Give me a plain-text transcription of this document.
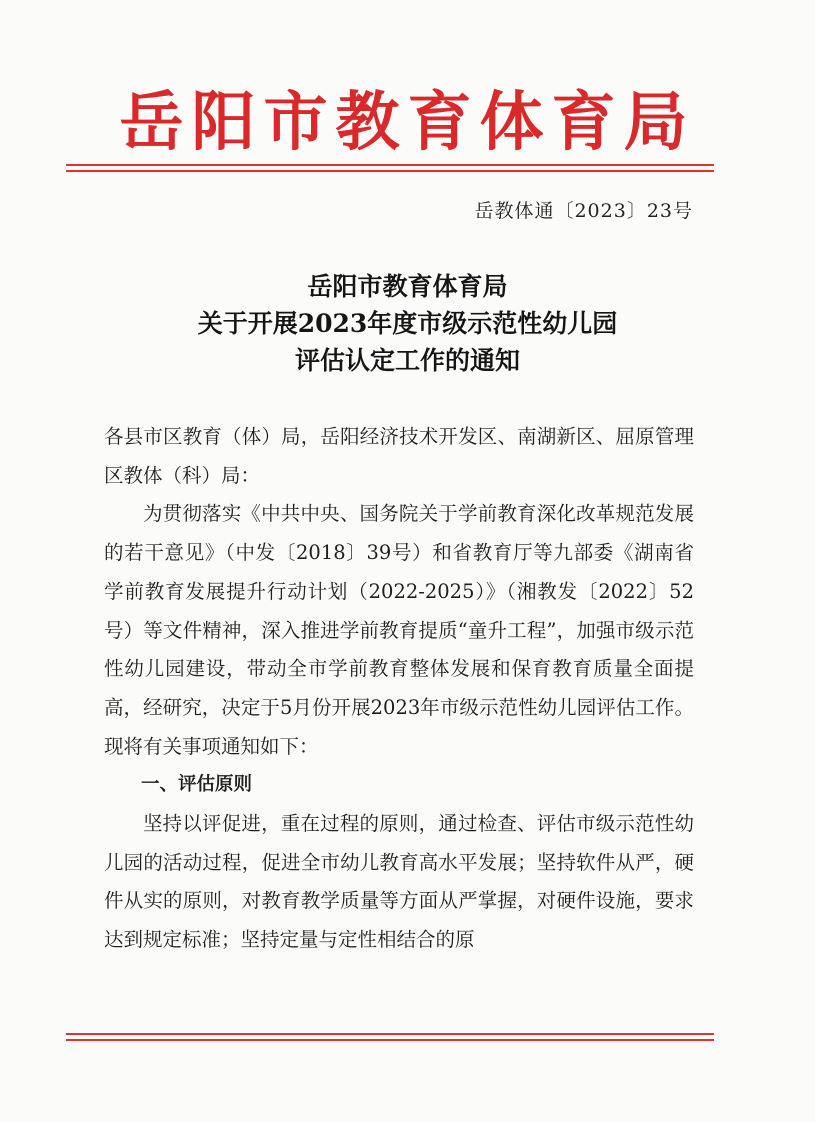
岳阳市教育体育局
岳教体通〔2023〕23号
岳阳市教育体育局
关于开展2023年度市级示范性幼儿园
评估认定工作的通知

各县市区教育（体）局，岳阳经济技术开发区、南湖新区、屈原管理区教体（科）局：

为贯彻落实《中共中央、国务院关于学前教育深化改革规范发展的若干意见》（中发〔2018〕39号）和省教育厅等九部委《湖南省学前教育发展提升行动计划（2022-2025）》（湘教发〔2022〕52号）等文件精神，深入推进学前教育提质“童升工程”，加强市级示范性幼儿园建设，带动全市学前教育整体发展和保育教育质量全面提高，经研究，决定于5月份开展2023年市级示范性幼儿园评估工作。现将有关事项通知如下：

一、评估原则

坚持以评促进，重在过程的原则，通过检查、评估市级示范性幼儿园的活动过程，促进全市幼儿教育高水平发展；坚持软件从严，硬件从实的原则，对教育教学质量等方面从严掌握，对硬件设施，要求达到规定标准；坚持定量与定性相结合的原
